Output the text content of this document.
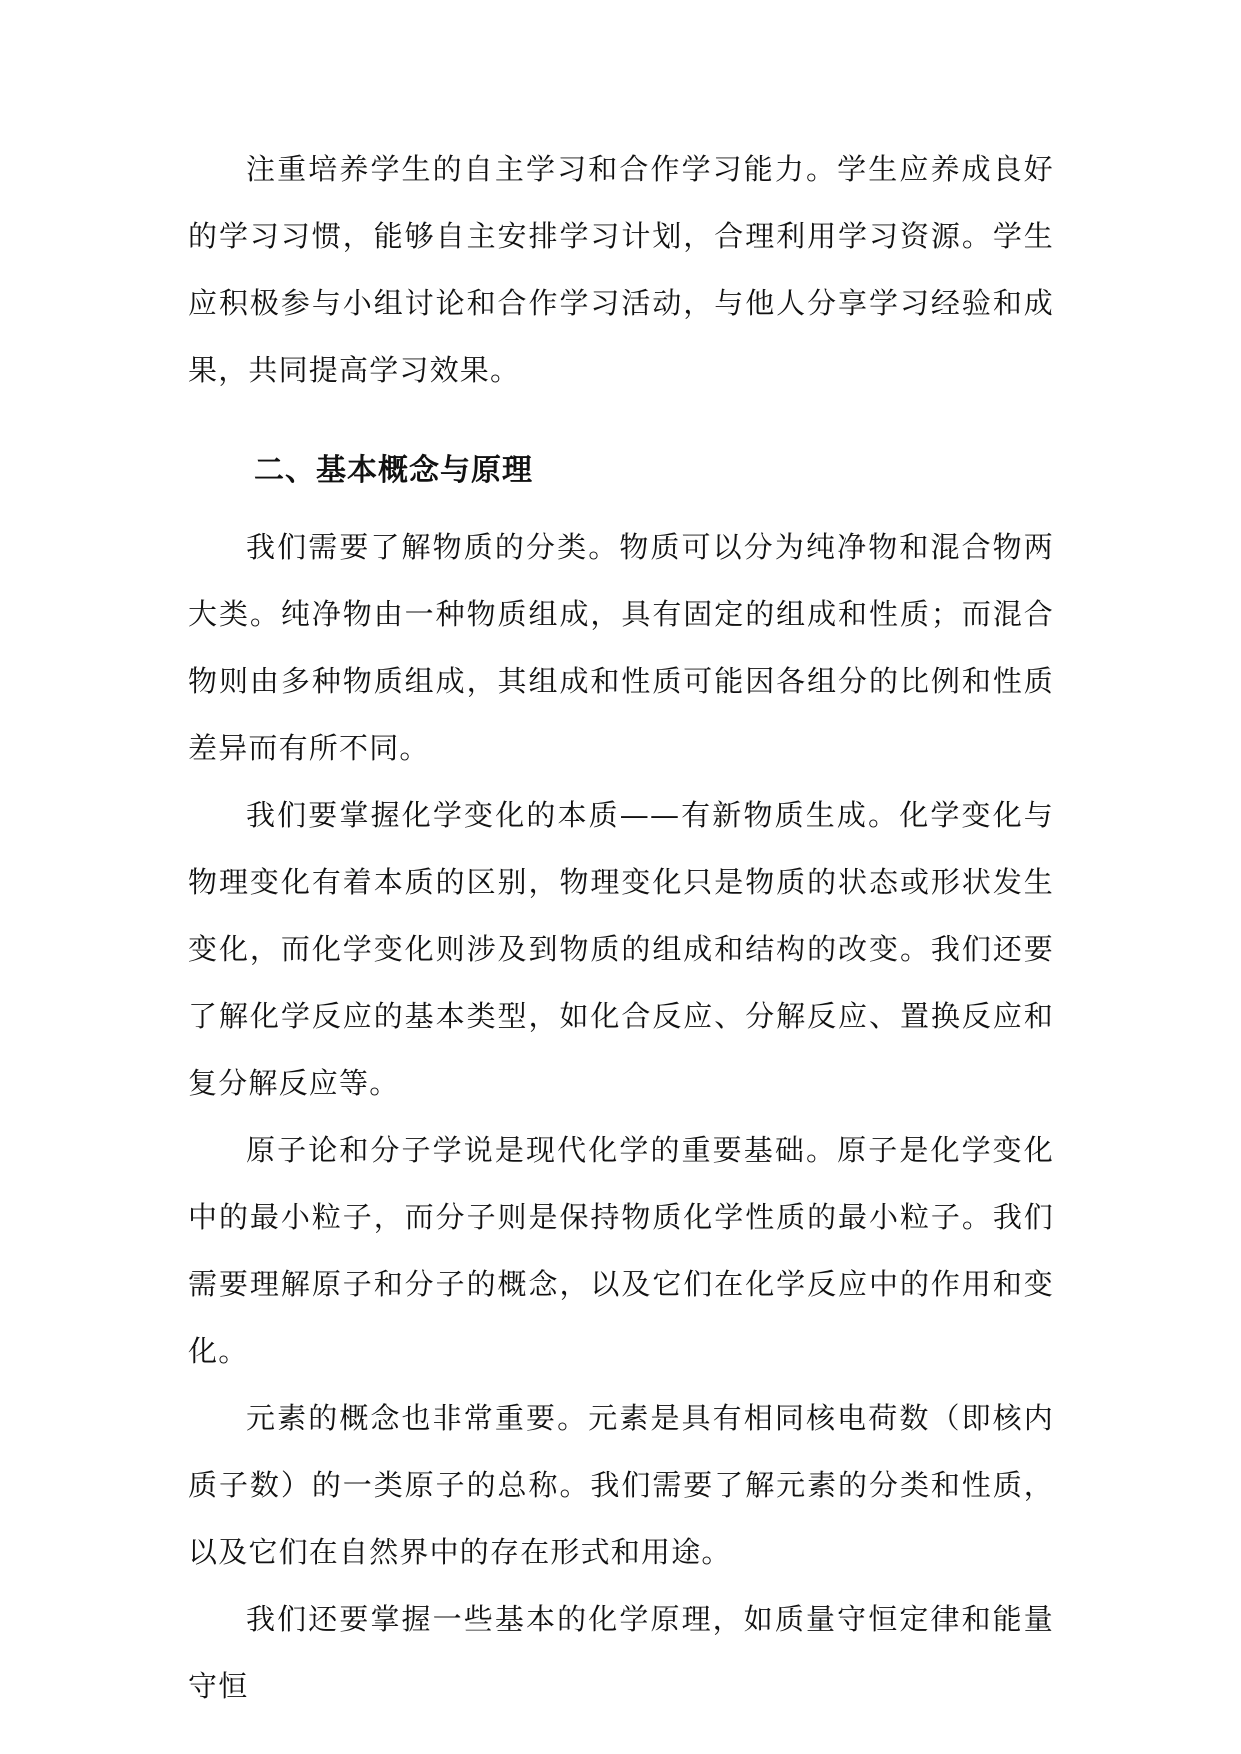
注重培养学生的自主学习和合作学习能力。学生应养成良好的学习习惯，能够自主安排学习计划，合理利用学习资源。学生应积极参与小组讨论和合作学习活动，与他人分享学习经验和成果，共同提高学习效果。

二、基本概念与原理

我们需要了解物质的分类。物质可以分为纯净物和混合物两大类。纯净物由一种物质组成，具有固定的组成和性质；而混合物则由多种物质组成，其组成和性质可能因各组分的比例和性质差异而有所不同。

我们要掌握化学变化的本质——有新物质生成。化学变化与物理变化有着本质的区别，物理变化只是物质的状态或形状发生变化，而化学变化则涉及到物质的组成和结构的改变。我们还要了解化学反应的基本类型，如化合反应、分解反应、置换反应和复分解反应等。

原子论和分子学说是现代化学的重要基础。原子是化学变化中的最小粒子，而分子则是保持物质化学性质的最小粒子。我们需要理解原子和分子的概念，以及它们在化学反应中的作用和变化。

元素的概念也非常重要。元素是具有相同核电荷数（即核内质子数）的一类原子的总称。我们需要了解元素的分类和性质，以及它们在自然界中的存在形式和用途。

我们还要掌握一些基本的化学原理，如质量守恒定律和能量守恒
